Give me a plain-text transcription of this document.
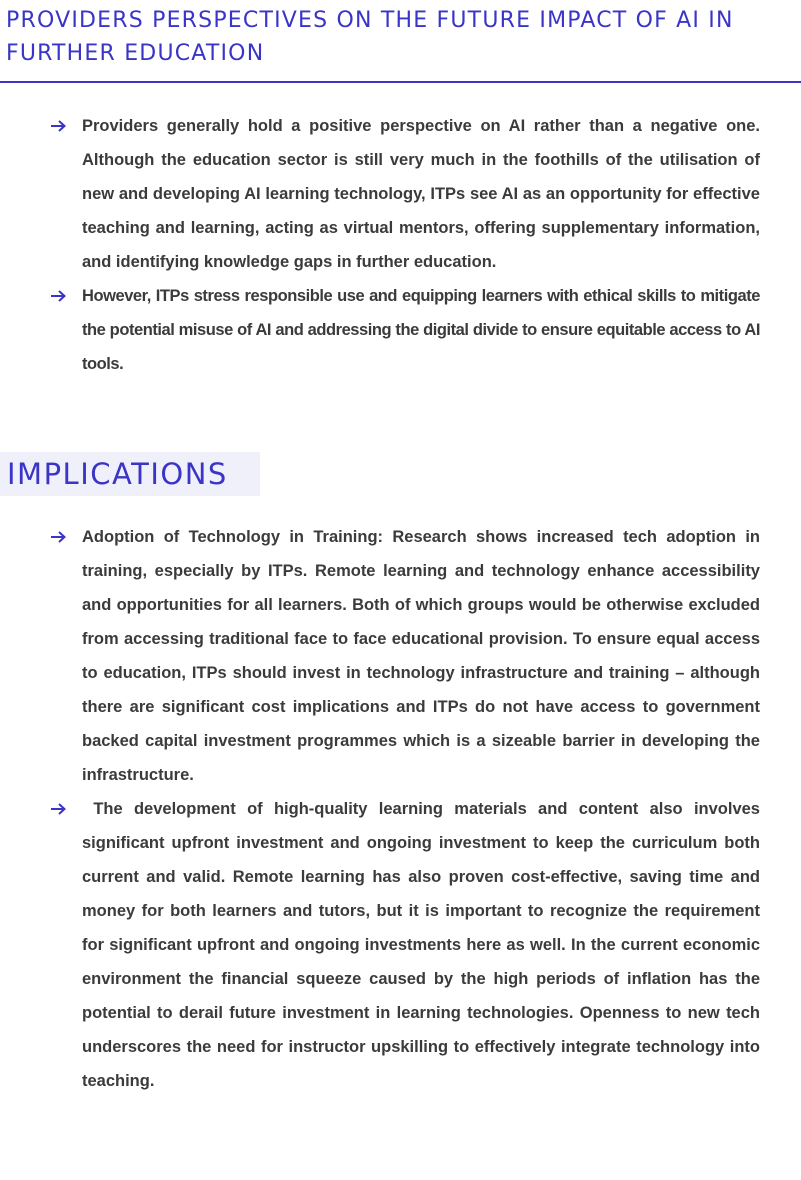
PROVIDERS PERSPECTIVES ON THE FUTURE IMPACT OF AI IN FURTHER EDUCATION

Providers generally hold a positive perspective on AI rather than a negative one. Although the education sector is still very much in the foothills of the utilisation of new and developing AI learning technology, ITPs see AI as an opportunity for effective teaching and learning, acting as virtual mentors, offering supplementary information, and identifying knowledge gaps in further education.

However, ITPs stress responsible use and equipping learners with ethical skills to mitigate the potential misuse of AI and addressing the digital divide to ensure equitable access to AI tools.

IMPLICATIONS

Adoption of Technology in Training: Research shows increased tech adoption in training, especially by ITPs. Remote learning and technology enhance accessibility and opportunities for all learners. Both of which groups would be otherwise excluded from accessing traditional face to face educational provision. To ensure equal access to education, ITPs should invest in technology infrastructure and training – although there are significant cost implications and ITPs do not have access to government backed capital investment programmes which is a sizeable barrier in developing the infrastructure.

The development of high-quality learning materials and content also involves significant upfront investment and ongoing investment to keep the curriculum both current and valid. Remote learning has also proven cost-effective, saving time and money for both learners and tutors, but it is important to recognize the requirement for significant upfront and ongoing investments here as well. In the current economic environment the financial squeeze caused by the high periods of inflation has the potential to derail future investment in learning technologies. Openness to new tech underscores the need for instructor upskilling to effectively integrate technology into teaching.
